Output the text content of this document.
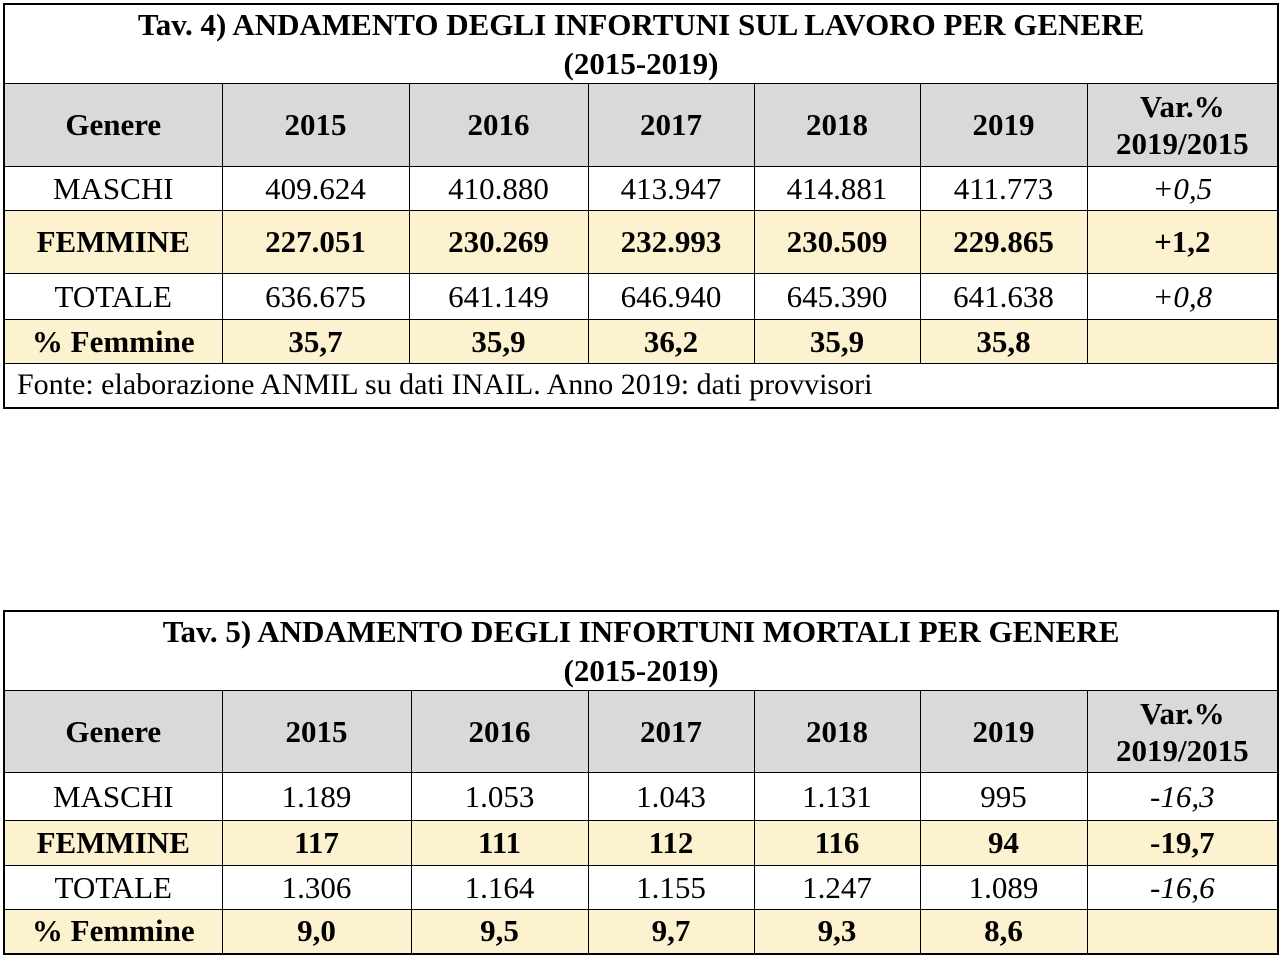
Tav. 4) ANDAMENTO DEGLI INFORTUNI SUL LAVORO PER GENERE
(2015-2019)						
Genere	2015	2016	2017	2018	2019	Var.%
2019/2015
MASCHI	409.624	410.880	413.947	414.881	411.773	+0,5
FEMMINE	227.051	230.269	232.993	230.509	229.865	+1,2
TOTALE	636.675	641.149	646.940	645.390	641.638	+0,8
% Femmine	35,7	35,9	36,2	35,9	35,8	
Fonte: elaborazione ANMIL su dati INAIL. Anno 2019: dati provvisori						
Tav. 5) ANDAMENTO DEGLI INFORTUNI MORTALI PER GENERE
(2015-2019)						
Genere	2015	2016	2017	2018	2019	Var.%
2019/2015
MASCHI	1.189	1.053	1.043	1.131	995	-16,3
FEMMINE	117	111	112	116	94	-19,7
TOTALE	1.306	1.164	1.155	1.247	1.089	-16,6
% Femmine	9,0	9,5	9,7	9,3	8,6	
